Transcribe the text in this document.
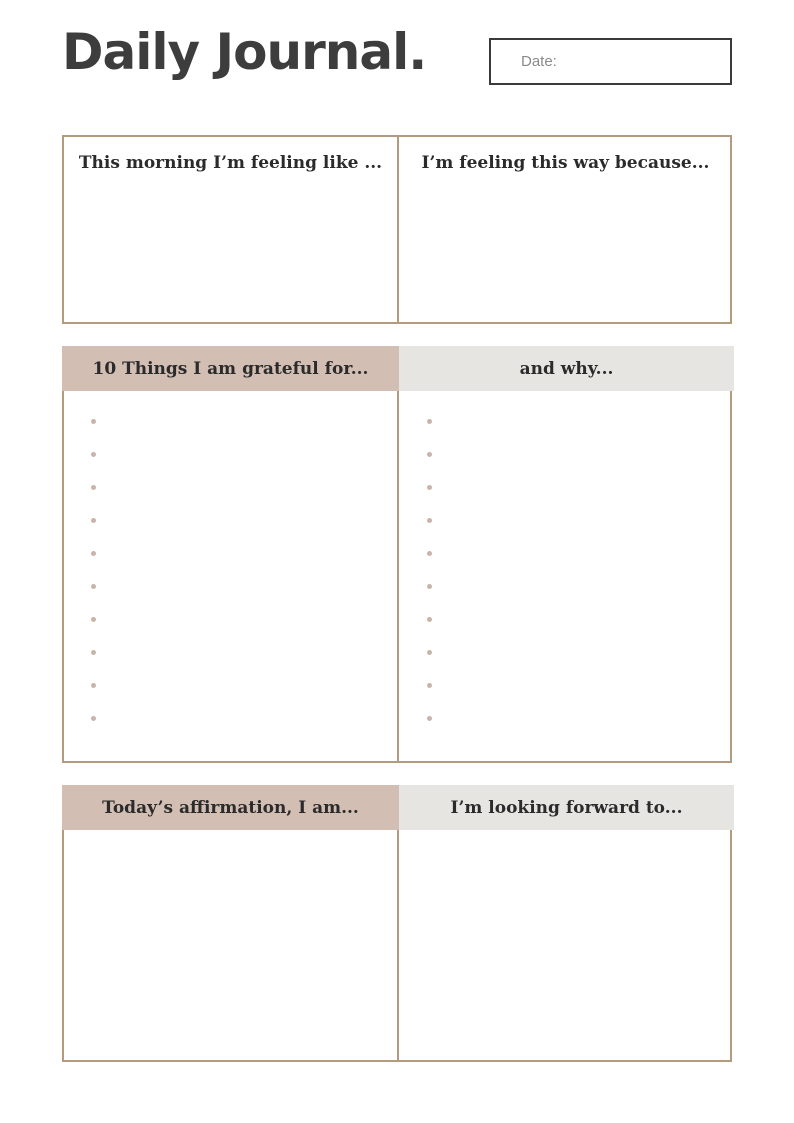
Daily Journal.	Date:
This morning I’m feeling like ...	I’m feeling this way because...
10 Things I am grateful for...	and why...
Today’s affirmation, I am...	I’m looking forward to...
